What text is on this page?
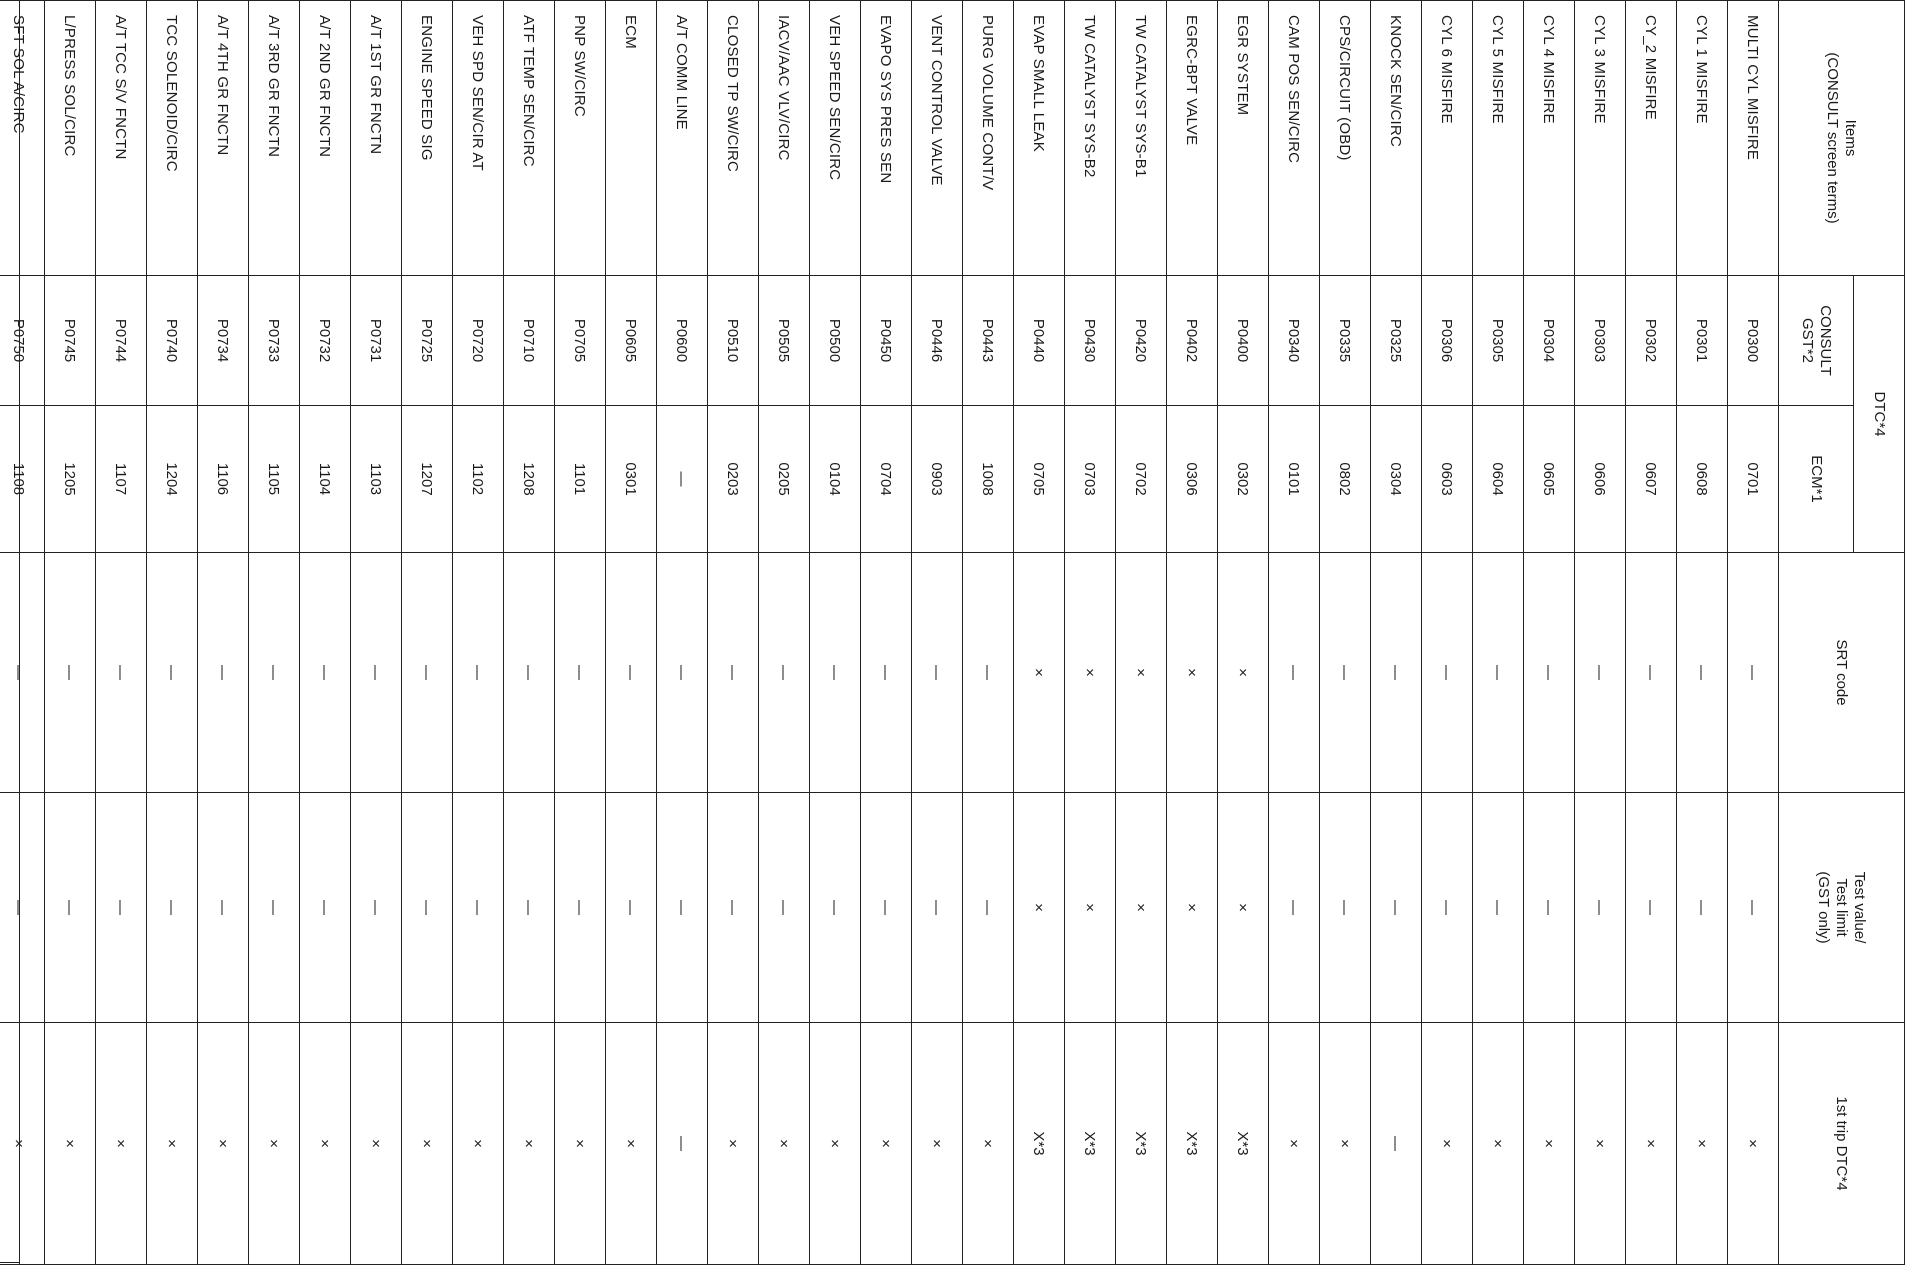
Items
(CONSULT screen terms)	DTC*4		SRT code	Test value/
Test limit
(GST only)	1st trip DTC*4

	CONSULT
GST*2	ECM*1			
MULTI CYL MISFIRE	P0300	0701	—	—	×
CYL 1 MISFIRE	P0301	0608	—	—	×
CY_2 MISFIRE	P0302	0607	—	—	×
CYL 3 MISFIRE	P0303	0606	—	—	×
CYL 4 MISFIRE	P0304	0605	—	—	×
CYL 5 MISFIRE	P0305	0604	—	—	×
CYL 6 MISFIRE	P0306	0603	—	—	×
KNOCK SEN/CIRC	P0325	0304	—	—	—
CPS/CIRCUIT (OBD)	P0335	0802	—	—	×
CAM POS SEN/CIRC	P0340	0101	—	—	×
EGR SYSTEM	P0400	0302	×	×	X*3
EGRC-BPT VALVE	P0402	0306	×	×	X*3
TW CATALYST SYS-B1	P0420	0702	×	×	X*3
TW CATALYST SYS-B2	P0430	0703	×	×	X*3
EVAP SMALL LEAK	P0440	0705	×	×	X*3
PURG VOLUME CONT/V	P0443	1008	—	—	×
VENT CONTROL VALVE	P0446	0903	—	—	×
EVAPO SYS PRES SEN	P0450	0704	—	—	×
VEH SPEED SEN/CIRC	P0500	0104	—	—	×
IACV/AAC VLV/CIRC	P0505	0205	—	—	×
CLOSED TP SW/CIRC	P0510	0203	—	—	×
A/T COMM LINE	P0600	—	—	—	—
ECM	P0605	0301	—	—	×
PNP SW/CIRC	P0705	1101	—	—	×
ATF TEMP SEN/CIRC	P0710	1208	—	—	×
VEH SPD SEN/CIR AT	P0720	1102	—	—	×
ENGINE SPEED SIG	P0725	1207	—	—	×
A/T 1ST GR FNCTN	P0731	1103	—	—	×
A/T 2ND GR FNCTN	P0732	1104	—	—	×
A/T 3RD GR FNCTN	P0733	1105	—	—	×
A/T 4TH GR FNCTN	P0734	1106	—	—	×
TCC SOLENOID/CIRC	P0740	1204	—	—	×
A/T TCC S/V FNCTN	P0744	1107	—	—	×
L/PRESS SOL/CIRC	P0745	1205	—	—	×
SFT SOL A/CIRC	P0750	1108	—	—	×
